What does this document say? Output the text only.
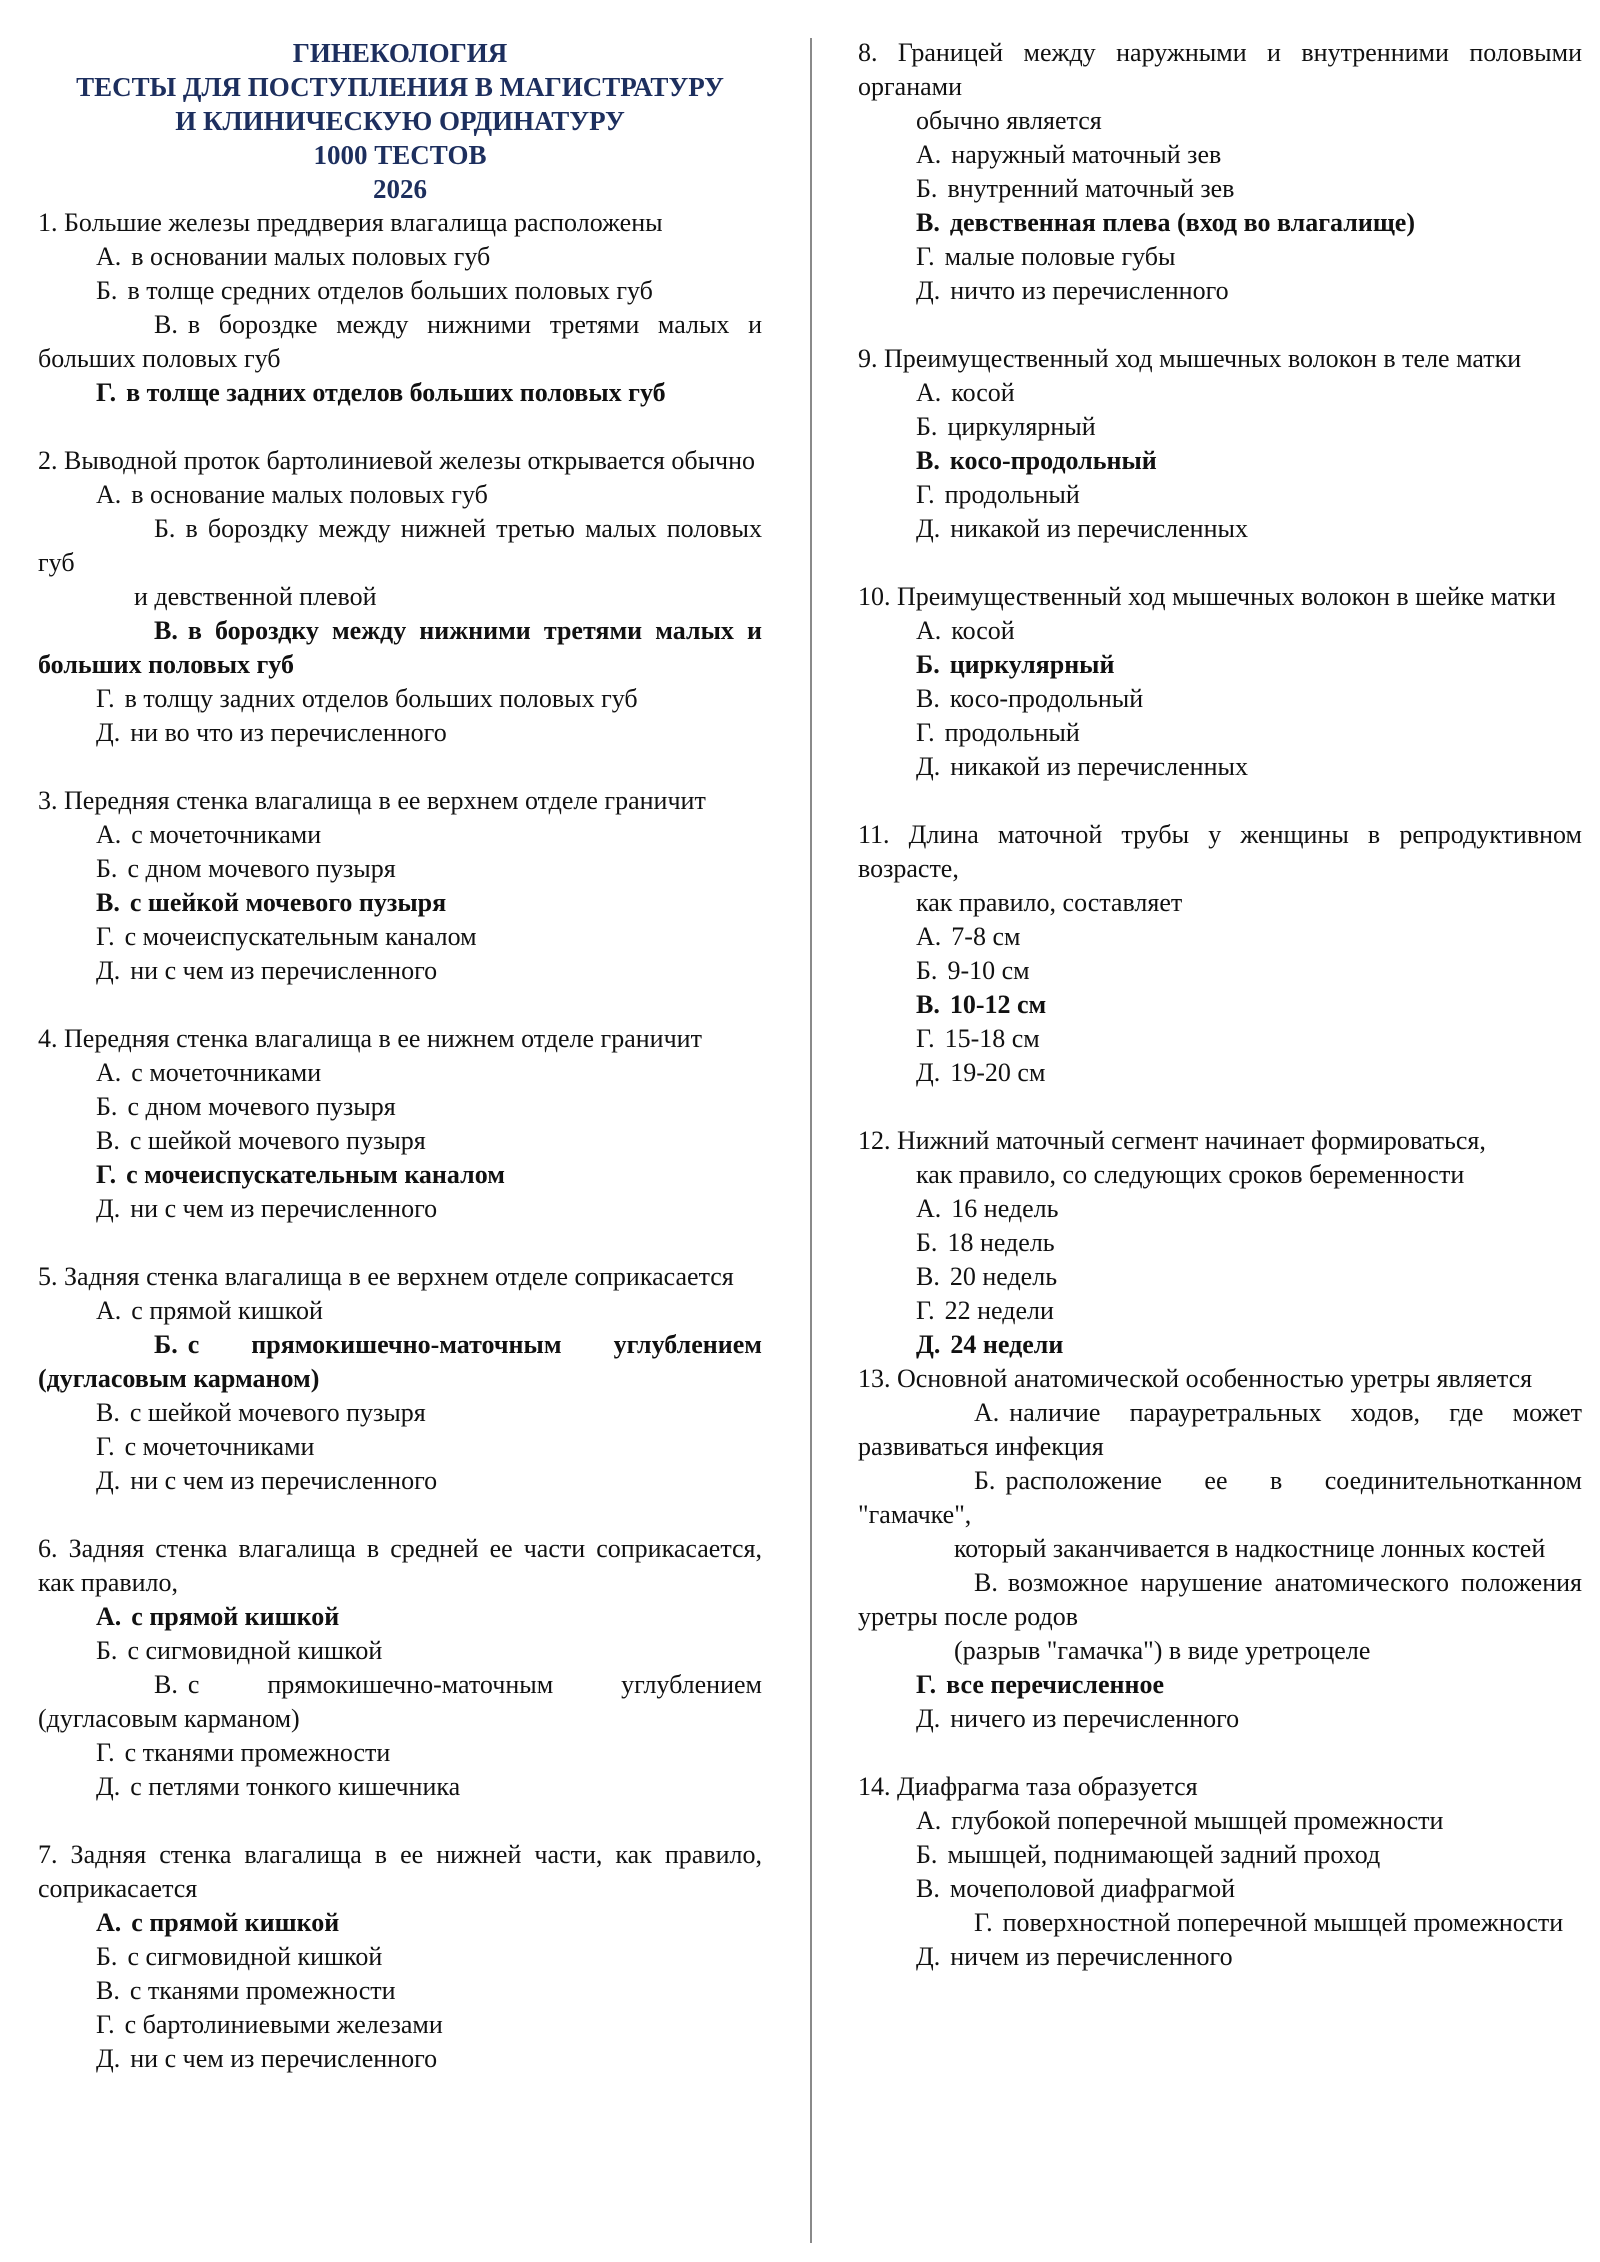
ГИНЕКОЛОГИЯ
ТЕСТЫ ДЛЯ ПОСТУПЛЕНИЯ В МАГИСТРАТУРУ
И КЛИНИЧЕСКУЮ ОРДИНАТУРУ
1000 ТЕСТОВ
2026
1. Большие железы преддверия влагалища расположены
А. в основании малых половых губ
Б. в толще средних отделов больших половых губ
В. в бороздке между нижними третями малых и больших половых губ
Г. в толще задних отделов больших половых губ
2. Выводной проток бартолиниевой железы открывается обычно
А. в основание малых половых губ
Б. в бороздку между нижней третью малых половых губ
и девственной плевой
В. в бороздку между нижними третями малых и больших половых губ
Г. в толщу задних отделов больших половых губ
Д. ни во что из перечисленного
3. Передняя стенка влагалища в ее верхнем отделе граничит
А. с мочеточниками
Б. с дном мочевого пузыря
В. с шейкой мочевого пузыря
Г. с мочеиспускательным каналом
Д. ни с чем из перечисленного
4. Передняя стенка влагалища в ее нижнем отделе граничит
А. с мочеточниками
Б. с дном мочевого пузыря
В. с шейкой мочевого пузыря
Г. с мочеиспускательным каналом
Д. ни с чем из перечисленного
5. Задняя стенка влагалища в ее верхнем отделе соприкасается
А. с прямой кишкой
Б. с прямокишечно-маточным углублением (дугласовым карманом)
В. с шейкой мочевого пузыря
Г. с мочеточниками
Д. ни с чем из перечисленного
6. Задняя стенка влагалища в средней ее части соприкасается, как правило,
А. с прямой кишкой
Б. с сигмовидной кишкой
В. с прямокишечно-маточным углублением (дугласовым карманом)
Г. с тканями промежности
Д. с петлями тонкого кишечника
7. Задняя стенка влагалища в ее нижней части, как правило, соприкасается
А. с прямой кишкой
Б. с сигмовидной кишкой
В. с тканями промежности
Г. с бартолиниевыми железами
Д. ни с чем из перечисленного
8. Границей между наружными и внутренними половыми органами
обычно является
А. наружный маточный зев
Б. внутренний маточный зев
В. девственная плева (вход во влагалище)
Г. малые половые губы
Д. ничто из перечисленного
9. Преимущественный ход мышечных волокон в теле матки
А. косой
Б. циркулярный
В. косо-продольный
Г. продольный
Д. никакой из перечисленных
10. Преимущественный ход мышечных волокон в шейке матки
А. косой
Б. циркулярный
В. косо-продольный
Г. продольный
Д. никакой из перечисленных
11. Длина маточной трубы у женщины в репродуктивном возрасте,
как правило, составляет
А. 7-8 см
Б. 9-10 см
В. 10-12 см
Г. 15-18 см
Д. 19-20 см
12. Нижний маточный сегмент начинает формироваться,
как правило, со следующих сроков беременности
А. 16 недель
Б. 18 недель
В. 20 недель
Г. 22 недели
Д. 24 недели
13. Основной анатомической особенностью уретры является
А. наличие парауретральных ходов, где может развиваться инфекция
Б. расположение ее в соединительнотканном "гамачке",
который заканчивается в надкостнице лонных костей
В. возможное нарушение анатомического положения уретры после родов
(разрыв "гамачка") в виде уретроцеле
Г. все перечисленное
Д. ничего из перечисленного
14. Диафрагма таза образуется
А. глубокой поперечной мышцей промежности
Б. мышцей, поднимающей задний проход
В. мочеполовой диафрагмой
Г. поверхностной поперечной мышцей промежности
Д. ничем из перечисленного
